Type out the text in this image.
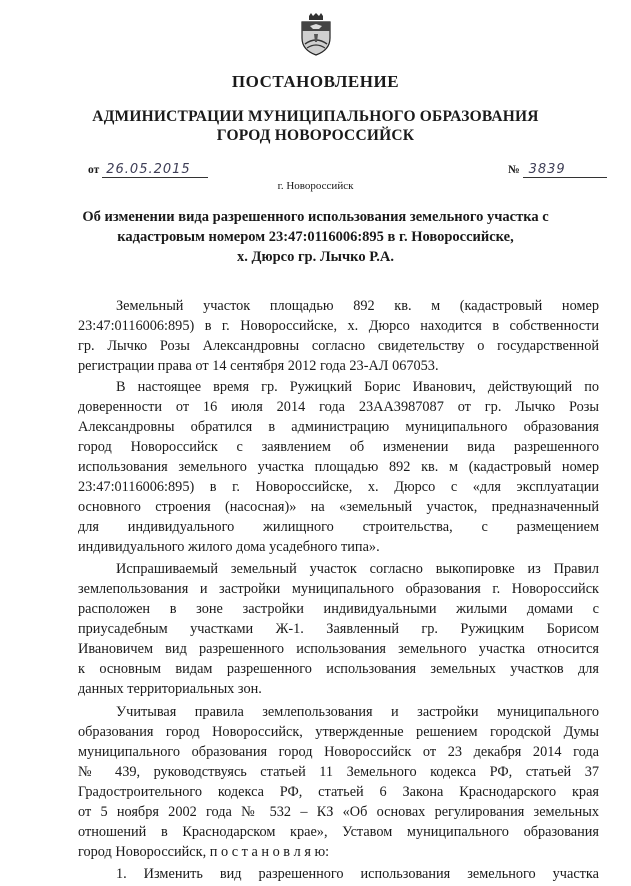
ПОСТАНОВЛЕНИЕ
АДМИНИСТРАЦИИ МУНИЦИПАЛЬНОГО ОБРАЗОВАНИЯ
ГОРОД НОВОРОССИЙСК
от 26.05.2015	№ 3839
г. Новороссийск
Об изменении вида разрешенного использования земельного участка с
кадастровым номером 23:47:0116006:895 в г. Новороссийске,
х. Дюрсо гр. Лычко Р.А.
Земельный участок площадью 892 кв. м (кадастровый номер
23:47:0116006:895) в г. Новороссийске, х. Дюрсо находится в собственности
гр. Лычко Розы Александровны согласно свидетельству о государственной
регистрации права от 14 сентября 2012 года 23-АЛ 067053.
В настоящее время гр. Ружицкий Борис Иванович, действующий по
доверенности от 16 июля 2014 года 23АА3987087 от гр. Лычко Розы
Александровны обратился в администрацию муниципального образования
город Новороссийск с заявлением об изменении вида разрешенного
использования земельного участка площадью 892 кв. м (кадастровый номер
23:47:0116006:895) в г. Новороссийске, х. Дюрсо с «для эксплуатации
основного строения (насосная)» на «земельный участок, предназначенный
для индивидуального жилищного строительства, с размещением
индивидуального жилого дома усадебного типа».
Испрашиваемый земельный участок согласно выкопировке из Правил
землепользования и застройки муниципального образования г. Новороссийск
расположен в зоне застройки индивидуальными жилыми домами с
приусадебным участками Ж-1. Заявленный гр. Ружицким Борисом
Ивановичем вид разрешенного использования земельного участка относится
к основным видам разрешенного использования земельных участков для
данных территориальных зон.
Учитывая правила землепользования и застройки муниципального
образования город Новороссийск, утвержденные решением городской Думы
муниципального образования город Новороссийск от 23 декабря 2014 года
№ 439, руководствуясь статьей 11 Земельного кодекса РФ, статьей 37
Градостроительного кодекса РФ, статьей 6 Закона Краснодарского края
от 5 ноября 2002 года № 532 – КЗ «Об основах регулирования земельных
отношений в Краснодарском крае», Уставом муниципального образования
город Новороссийск, п о с т а н о в л я ю:
1. Изменить вид разрешенного использования земельного участка
